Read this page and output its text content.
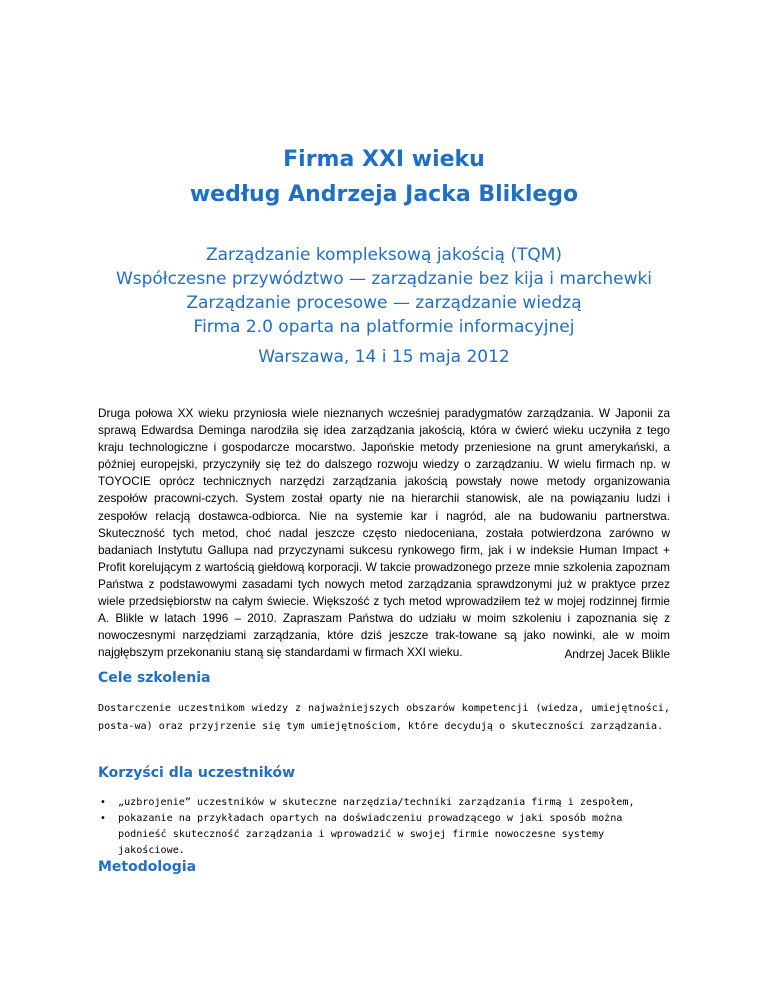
Firma XXI wieku
według Andrzeja Jacka Bliklego
Zarządzanie kompleksową jakością (TQM)
Współczesne przywództwo — zarządzanie bez kija i marchewki
Zarządzanie procesowe — zarządzanie wiedzą
Firma 2.0 oparta na platformie informacyjnej
Warszawa, 14 i 15 maja 2012

Druga połowa XX wieku przyniosła wiele nieznanych wcześniej paradygmatów zarządzania. W Japonii za sprawą Edwardsa Deminga narodziła się idea zarządzania jakością, która w ćwierć wieku uczyniła z tego kraju technologiczne i gospodarcze mocarstwo. Japońskie metody przeniesione na grunt amerykański, a później europejski, przyczyniły się też do dalszego rozwoju wiedzy o zarządzaniu. W wielu firmach np. w TOYOCIE oprócz technicznych narzędzi zarządzania jakością powstały nowe metody organizowania zespołów pracowni-czych. System został oparty nie na hierarchii stanowisk, ale na powiązaniu ludzi i zespołów relacją dostawca-odbiorca. Nie na systemie kar i nagród, ale na budowaniu partnerstwa. Skuteczność tych metod, choć nadal jeszcze często niedoceniana, została potwierdzona zarówno w badaniach Instytutu Gallupa nad przyczynami sukcesu rynkowego firm, jak i w indeksie Human Impact + Profit korelującym z wartością giełdową korporacji. W takcie prowadzonego przeze mnie szkolenia zapoznam Państwa z podstawowymi zasadami tych nowych metod zarządzania sprawdzonymi już w praktyce przez wiele przedsiębiorstw na całym świecie. Większość z tych metod wprowadziłem też w mojej rodzinnej firmie A. Blikle w latach 1996 – 2010. Zapraszam Państwa do udziału w moim szkoleniu i zapoznania się z nowoczesnymi narzędziami zarządzania, które dziś jeszcze trak-towane są jako nowinki, ale w moim najgłębszym przekonaniu staną się standardami w firmach XXI wieku.	Andrzej Jacek Blikle
Cele szkolenia

Dostarczenie uczestnikom wiedzy z najważniejszych obszarów kompetencji (wiedza, umiejętności, posta-wa) oraz przyjrzenie się tym umiejętnościom, które decydują o skuteczności zarządzania.

Korzyści dla uczestników
• „uzbrojenie” uczestników w skuteczne narzędzia/techniki zarządzania firmą i zespołem,
• pokazanie na przykładach opartych na doświadczeniu prowadzącego w jaki sposób można podnieść skuteczność zarządzania i wprowadzić w swojej firmie nowoczesne systemy jakościowe.
Metodologia
